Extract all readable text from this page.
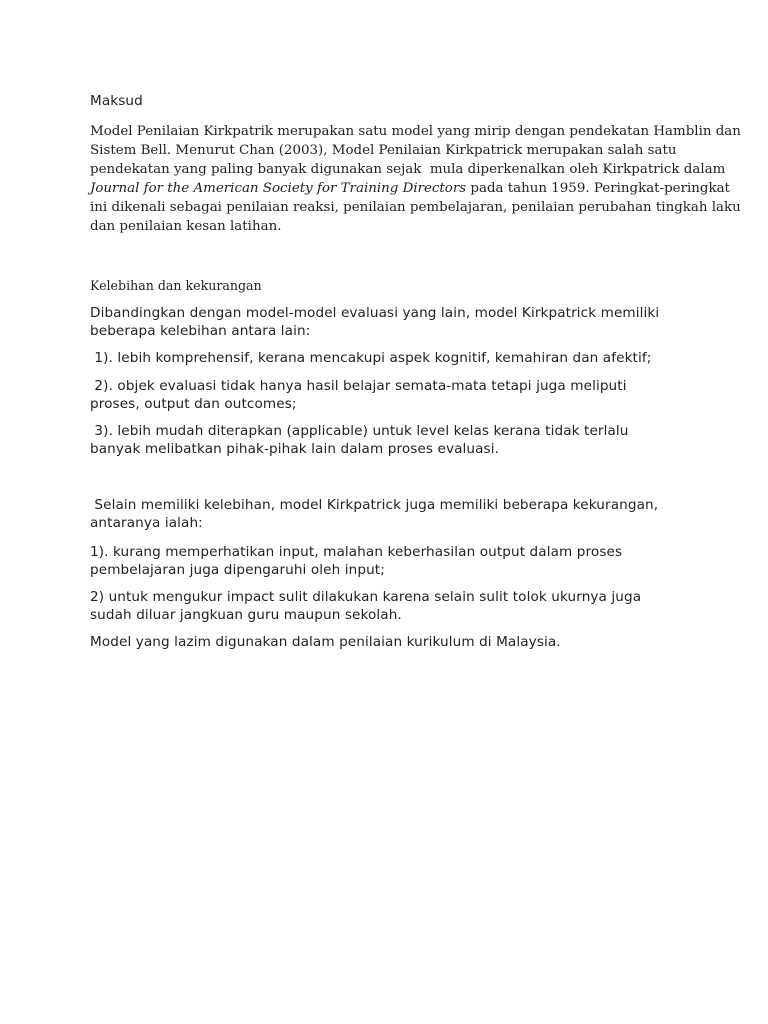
Maksud

Model Penilaian Kirkpatrik merupakan satu model yang mirip dengan pendekatan Hamblin dan
Sistem Bell. Menurut Chan (2003), Model Penilaian Kirkpatrick merupakan salah satu
pendekatan yang paling banyak digunakan sejak  mula diperkenalkan oleh Kirkpatrick dalam
Journal for the American Society for Training Directors pada tahun 1959. Peringkat-peringkat
ini dikenali sebagai penilaian reaksi, penilaian pembelajaran, penilaian perubahan tingkah laku
dan penilaian kesan latihan.

Kelebihan dan kekurangan

Dibandingkan dengan model-model evaluasi yang lain, model Kirkpatrick memiliki
beberapa kelebihan antara lain:

1). lebih komprehensif, kerana mencakupi aspek kognitif, kemahiran dan afektif;

2). objek evaluasi tidak hanya hasil belajar semata-mata tetapi juga meliputi
proses, output dan outcomes;

3). lebih mudah diterapkan (applicable) untuk level kelas kerana tidak terlalu
banyak melibatkan pihak-pihak lain dalam proses evaluasi.

Selain memiliki kelebihan, model Kirkpatrick juga memiliki beberapa kekurangan,
antaranya ialah:

1). kurang memperhatikan input, malahan keberhasilan output dalam proses
pembelajaran juga dipengaruhi oleh input;

2) untuk mengukur impact sulit dilakukan karena selain sulit tolok ukurnya juga
sudah diluar jangkuan guru maupun sekolah.

Model yang lazim digunakan dalam penilaian kurikulum di Malaysia.
